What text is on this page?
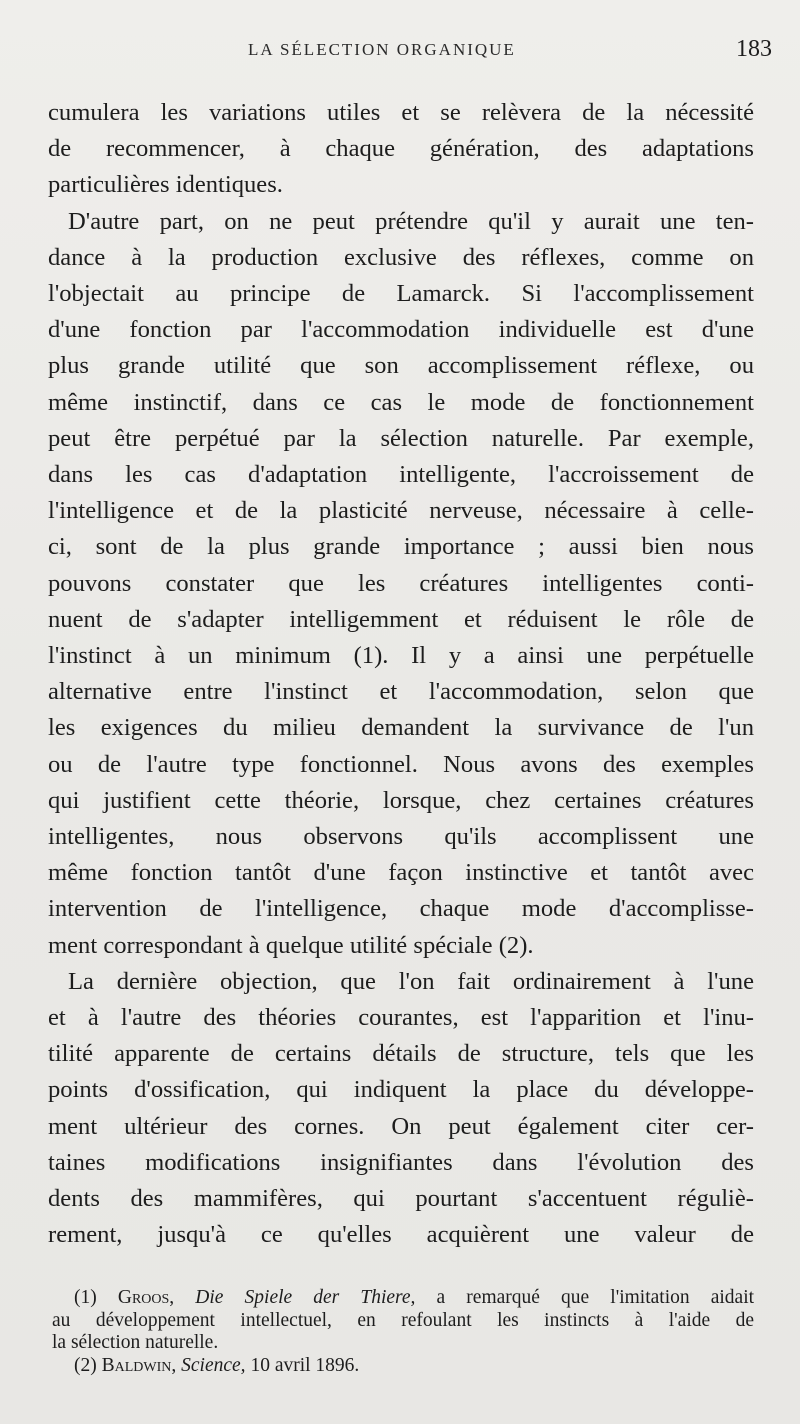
LA SÉLECTION ORGANIQUE	183
cumulera les variations utiles et se relèvera de la nécessité
de recommencer, à chaque génération, des adaptations
particulières identiques.
D'autre part, on ne peut prétendre qu'il y aurait une ten-
dance à la production exclusive des réflexes, comme on
l'objectait au principe de Lamarck. Si l'accomplissement
d'une fonction par l'accommodation individuelle est d'une
plus grande utilité que son accomplissement réflexe, ou
même instinctif, dans ce cas le mode de fonctionnement
peut être perpétué par la sélection naturelle. Par exemple,
dans les cas d'adaptation intelligente, l'accroissement de
l'intelligence et de la plasticité nerveuse, nécessaire à celle-
ci, sont de la plus grande importance ; aussi bien nous
pouvons constater que les créatures intelligentes conti-
nuent de s'adapter intelligemment et réduisent le rôle de
l'instinct à un minimum (1). Il y a ainsi une perpétuelle
alternative entre l'instinct et l'accommodation, selon que
les exigences du milieu demandent la survivance de l'un
ou de l'autre type fonctionnel. Nous avons des exemples
qui justifient cette théorie, lorsque, chez certaines créatures
intelligentes, nous observons qu'ils accomplissent une
même fonction tantôt d'une façon instinctive et tantôt avec
intervention de l'intelligence, chaque mode d'accomplisse-
ment correspondant à quelque utilité spéciale (2).
La dernière objection, que l'on fait ordinairement à l'une
et à l'autre des théories courantes, est l'apparition et l'inu-
tilité apparente de certains détails de structure, tels que les
points d'ossification, qui indiquent la place du développe-
ment ultérieur des cornes. On peut également citer cer-
taines modifications insignifiantes dans l'évolution des
dents des mammifères, qui pourtant s'accentuent réguliè-
rement, jusqu'à ce qu'elles acquièrent une valeur de
(1) Groos, Die Spiele der Thiere, a remarqué que l'imitation aidait
au développement intellectuel, en refoulant les instincts à l'aide de
la sélection naturelle.
(2) Baldwin, Science, 10 avril 1896.
